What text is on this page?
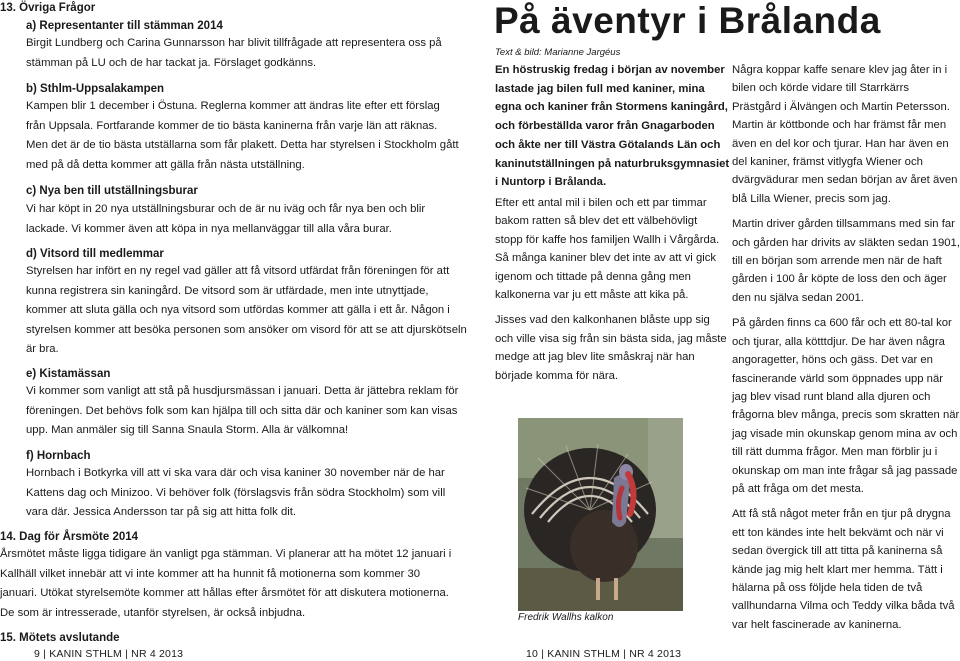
13. Övriga Frågor
a) Representanter till stämman 2014
Birgit Lundberg och Carina Gunnarsson har blivit tillfrågade att representera oss på stämman på LU och de har tackat ja. Förslaget godkänns.
b) Sthlm-Uppsalakampen
Kampen blir 1 december i Östuna. Reglerna kommer att ändras lite efter ett förslag från Uppsala. Fortfarande kommer de tio bästa kaninerna från varje län att räknas. Men det är de tio bästa utställarna som får plakett. Detta har styrelsen i Stockholm gått med på då detta kommer att gälla från nästa utställning.
c) Nya ben till utställningsburar
Vi har köpt in 20 nya utställningsburar och de är nu iväg och får nya ben och blir lackade. Vi kommer även att köpa in nya mellanväggar till alla våra burar.
d) Vitsord till medlemmar
Styrelsen har infört en ny regel vad gäller att få vitsord utfärdat från föreningen för att kunna registrera sin kaningård. De vitsord som är utfärdade, men inte utnyttjade, kommer att sluta gälla och nya vitsord som utfördas kommer att gälla i ett år. Någon i styrelsen kommer att besöka personen som ansöker om visord för att se att djurskötseln är bra.
e) Kistamässan
Vi kommer som vanligt att stå på husdjursmässan i januari. Detta är jättebra reklam för föreningen. Det behövs folk som kan hjälpa till och sitta där och kaniner som kan visas upp. Man anmäler sig till Sanna Snaula Storm. Alla är välkomna!
f) Hornbach
Hornbach i Botkyrka vill att vi ska vara där och visa kaniner 30 november när de har Kattens dag och Minizoo. Vi behöver folk (förslagsvis från södra Stockholm) som vill vara där. Jessica Andersson tar på sig att hitta folk dit.
14. Dag för Årsmöte 2014
Årsmötet måste ligga tidigare än vanligt pga stämman. Vi planerar att ha mötet 12 januari i Kallhäll vilket innebär att vi inte kommer att ha hunnit få motionerna som kommer 30 januari. Utökat styrelsemöte kommer att hållas efter årsmötet för att diskutera motionerna. De som är intresserade, utanför styrelsen, är också inbjudna.
15. Mötets avslutande
9 | KANIN STHLM | NR 4 2013
På äventyr i Brålanda
Text & bild: Marianne Jargéus
En höstruskig fredag i början av november lastade jag bilen full med kaniner, mina egna och kaniner från Stormens kaningård, och förbeställda varor från Gnagarboden och åkte ner till Västra Götalands Län och kaninutställningen på naturbruksgymnasiet i Nuntorp i Brålanda.

Efter ett antal mil i bilen och ett par timmar bakom ratten så blev det ett välbehövligt stopp för kaffe hos familjen Wallh i Vårgårda. Så många kaniner blev det inte av att vi gick igenom och tittade på denna gång men kalkonerna var ju ett måste att kika på.

Jisses vad den kalkonhanen blåste upp sig och ville visa sig från sin bästa sida, jag måste medge att jag blev lite småskraj när han började komma för nära.

Fredrik Wallhs kalkon

Några koppar kaffe senare klev jag åter in i bilen och körde vidare till Starrkärrs Prästgård i Älvängen och Martin Petersson. Martin är köttbonde och har främst får men även en del kor och tjurar. Han har även en del kaniner, främst vitlygfa Wiener och dvärgvädurar men sedan början av året även blå Lilla Wiener, precis som jag.

Martin driver gården tillsammans med sin far och gården har drivits av släkten sedan 1901, till en början som arrende men när de haft gården i 100 år köpte de loss den och äger den nu själva sedan 2001.

På gården finns ca 600 får och ett 80-tal kor och tjurar, alla kötttdjur. De har även några angoragetter, höns och gäss. Det var en fascinerande värld som öppnades upp när jag blev visad runt bland alla djuren och frågorna blev många, precis som skratten när jag visade min okunskap genom mina av och till rätt dumma frågor. Men man förblir ju i okunskap om man inte frågar så jag passade på att fråga om det mesta.

Att få stå något meter från en tjur på drygna ett ton kändes inte helt bekvämt och när vi sedan övergick till att titta på kaninerna så kände jag mig helt klart mer hemma. Tätt i hälarna på oss följde hela tiden de två vallhundarna Vilma och Teddy vilka båda två var helt fascinerade av kaninerna.

10 | KANIN STHLM | NR 4 2013
